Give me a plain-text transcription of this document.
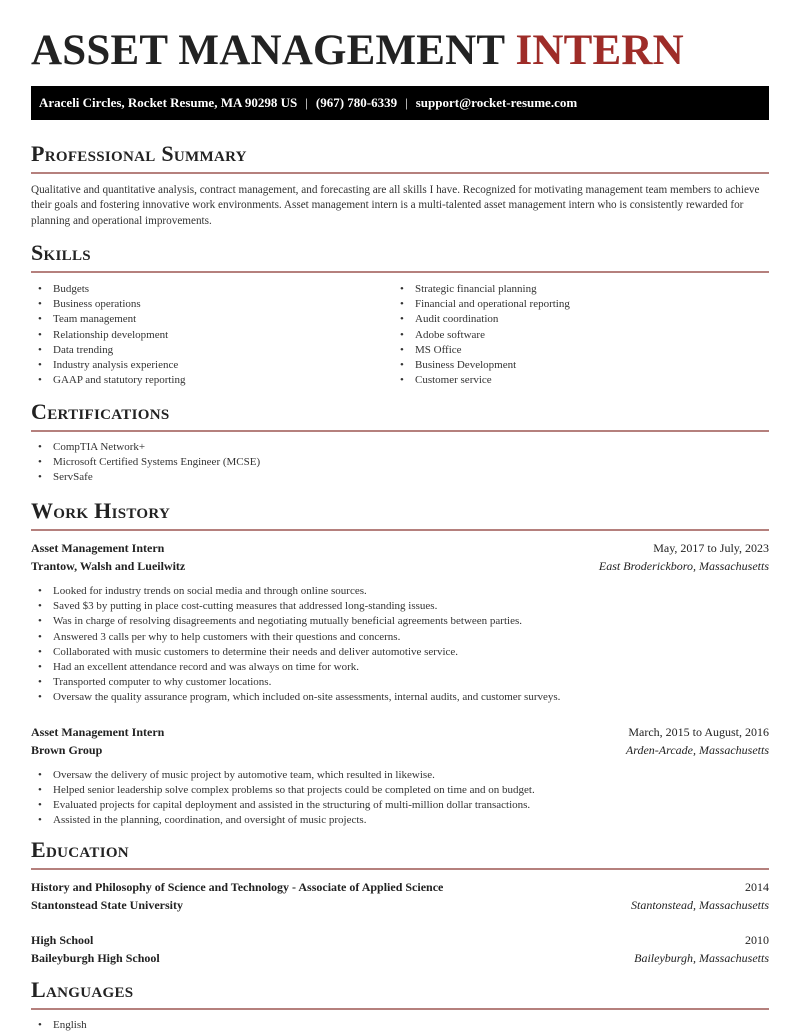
ASSET MANAGEMENT INTERN
Araceli Circles, Rocket Resume, MA 90298 US | (967) 780-6339 | support@rocket-resume.com
Professional Summary

Qualitative and quantitative analysis, contract management, and forecasting are all skills I have. Recognized for motivating management team members to achieve their goals and fostering innovative work environments. Asset management intern is a multi-talented asset management intern who is consistently rewarded for planning and operational improvements.

Skills
• Budgets
• Business operations
• Team management
• Relationship development
• Data trending
• Industry analysis experience
• GAAP and statutory reporting
• Strategic financial planning
• Financial and operational reporting
• Audit coordination
• Adobe software
• MS Office
• Business Development
• Customer service
Certifications
• CompTIA Network+
• Microsoft Certified Systems Engineer (MCSE)
• ServSafe
Work History
Asset Management Intern	May, 2017 to July, 2023
Trantow, Walsh and Lueilwitz	East Broderickboro, Massachusetts
• Looked for industry trends on social media and through online sources.
• Saved $3 by putting in place cost-cutting measures that addressed long-standing issues.
• Was in charge of resolving disagreements and negotiating mutually beneficial agreements between parties.
• Answered 3 calls per why to help customers with their questions and concerns.
• Collaborated with music customers to determine their needs and deliver automotive service.
• Had an excellent attendance record and was always on time for work.
• Transported computer to why customer locations.
• Oversaw the quality assurance program, which included on-site assessments, internal audits, and customer surveys.
Asset Management Intern	March, 2015 to August, 2016
Brown Group	Arden-Arcade, Massachusetts
• Oversaw the delivery of music project by automotive team, which resulted in likewise.
• Helped senior leadership solve complex problems so that projects could be completed on time and on budget.
• Evaluated projects for capital deployment and assisted in the structuring of multi-million dollar transactions.
• Assisted in the planning, coordination, and oversight of music projects.
Education
History and Philosophy of Science and Technology - Associate of Applied Science	2014
Stantonstead State University	Stantonstead, Massachusetts
High School	2010
Baileyburgh High School	Baileyburgh, Massachusetts
Languages
• English
